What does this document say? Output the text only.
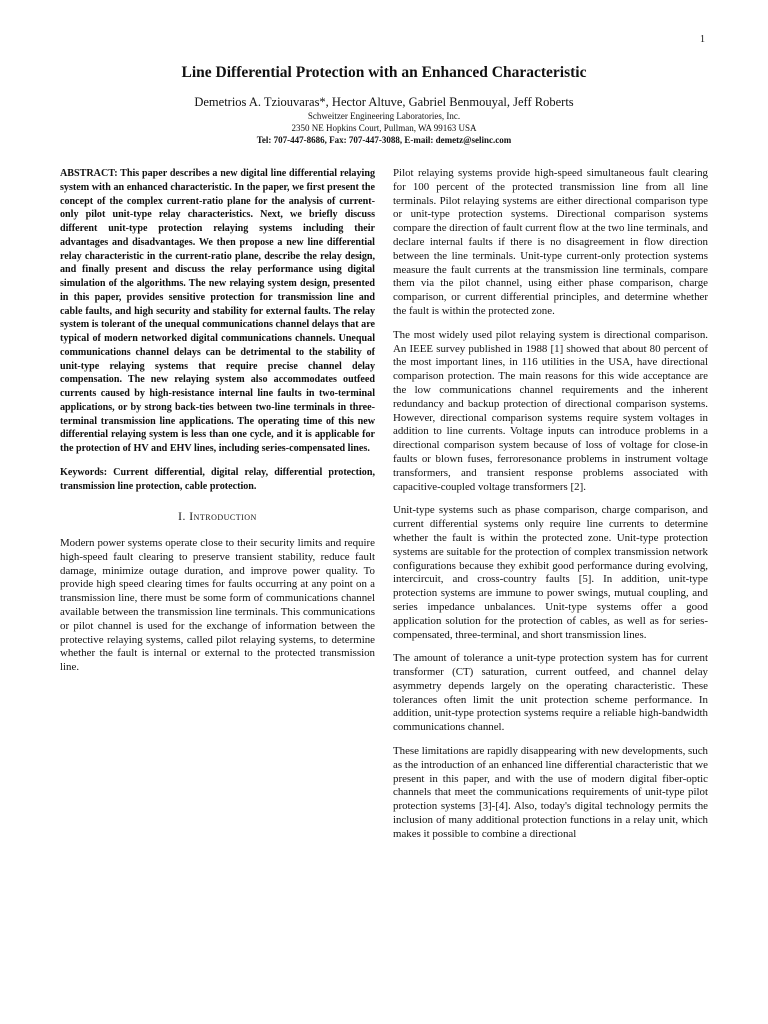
1
Line Differential Protection with an Enhanced Characteristic
Demetrios A. Tziouvaras*, Hector Altuve, Gabriel Benmouyal, Jeff Roberts
Schweitzer Engineering Laboratories, Inc.
2350 NE Hopkins Court, Pullman, WA 99163 USA
Tel: 707-447-8686, Fax: 707-447-3088, E-mail: demetz@selinc.com

ABSTRACT: This paper describes a new digital line differential relaying system with an enhanced characteristic. In the paper, we first present the concept of the complex current-ratio plane for the analysis of current-only pilot unit-type relay characteristics. Next, we briefly discuss different unit-type protection relaying systems including their advantages and disadvantages. We then propose a new line differential relay characteristic in the current-ratio plane, describe the relay design, and finally present and discuss the relay performance using digital simulation of the algorithms. The new relaying system design, presented in this paper, provides sensitive protection for transmission line and cable faults, and high security and stability for external faults. The relay system is tolerant of the unequal communications channel delays that are typical of modern networked digital communications channels. Unequal communications channel delays can be detrimental to the stability of unit-type relaying systems that require precise channel delay compensation. The new relaying system also accommodates outfeed currents caused by high-resistance internal line faults in two-terminal applications, or by strong back-ties between two-line terminals in three-terminal transmission line applications. The operating time of this new differential relaying system is less than one cycle, and it is applicable for the protection of HV and EHV lines, including series-compensated lines.

Keywords: Current differential, digital relay, differential protection, transmission line protection, cable protection.

I. Introduction

Modern power systems operate close to their security limits and require high-speed fault clearing to preserve transient stability, reduce fault damage, minimize outage duration, and improve power quality. To provide high speed clearing times for faults occurring at any point on a transmission line, there must be some form of communications channel available between the transmission line terminals. This communications or pilot channel is used for the exchange of information between the protective relaying systems, called pilot relaying systems, to determine whether the fault is internal or external to the protected transmission line.

Pilot relaying systems provide high-speed simultaneous fault clearing for 100 percent of the protected transmission line from all line terminals. Pilot relaying systems are either directional comparison type or unit-type protection systems. Directional comparison systems compare the direction of fault current flow at the two line terminals, and declare internal faults if there is no disagreement in flow direction between the line terminals. Unit-type current-only protection systems measure the fault currents at the transmission line terminals, compare them via the pilot channel, using either phase comparison, charge comparison, or current differential principles, and determine whether the fault is within the protected zone.

The most widely used pilot relaying system is directional comparison. An IEEE survey published in 1988 [1] showed that about 80 percent of the most important lines, in 116 utilities in the USA, have directional comparison protection. The main reasons for this wide acceptance are the low communications channel requirements and the inherent redundancy and backup protection of directional comparison systems. However, directional comparison systems require system voltages in addition to line currents. Voltage inputs can introduce problems in a directional comparison system because of loss of voltage for close-in faults or blown fuses, ferroresonance problems in instrument voltage transformers, and transient response problems associated with capacitive-coupled voltage transformers [2].

Unit-type systems such as phase comparison, charge comparison, and current differential systems only require line currents to determine whether the fault is within the protected zone. Unit-type protection systems are suitable for the protection of complex transmission network configurations because they exhibit good performance during evolving, intercircuit, and cross-country faults [5]. In addition, unit-type protection systems are immune to power swings, mutual coupling, and series impedance unbalances. Unit-type systems offer a good application solution for the protection of cables, as well as for series-compensated, three-terminal, and short transmission lines.

The amount of tolerance a unit-type protection system has for current transformer (CT) saturation, current outfeed, and channel delay asymmetry depends largely on the operating characteristic. These tolerances often limit the unit protection scheme performance. In addition, unit-type protection systems require a reliable high-bandwidth communications channel.

These limitations are rapidly disappearing with new developments, such as the introduction of an enhanced line differential characteristic that we present in this paper, and with the use of modern digital fiber-optic channels that meet the communications requirements of unit-type pilot protection systems [3]-[4]. Also, today's digital technology permits the inclusion of many additional protection functions in a relay unit, which makes it possible to combine a directional
